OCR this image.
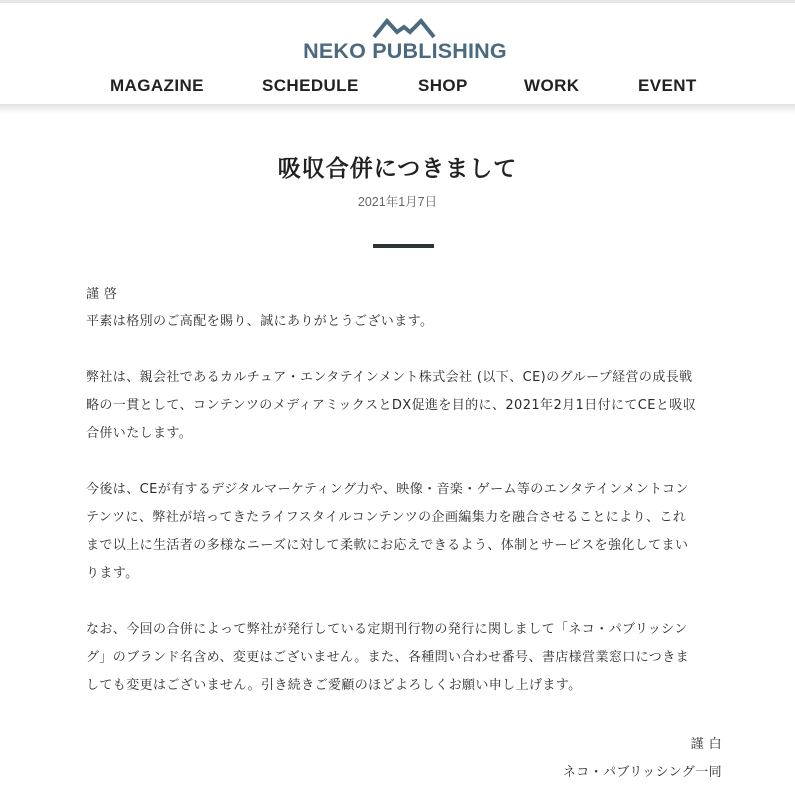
NEKO PUBLISHING
MAGAZINE	SCHEDULE	SHOP	WORK	EVENT
吸収合併につきまして
2021年1月7日

謹 啓

平素は格別のご高配を賜り、誠にありがとうございます。

弊社は、親会社であるカルチュア・エンタテインメント株式会社 (以下、CE)のグループ経営の成長戦

略の一貫として、コンテンツのメディアミックスとDX促進を目的に、2021年2月1日付にてCEと吸収

合併いたします。

今後は、CEが有するデジタルマーケティング力や、映像・音楽・ゲーム等のエンタテインメントコン

テンツに、弊社が培ってきたライフスタイルコンテンツの企画編集力を融合させることにより、これ

まで以上に生活者の多様なニーズに対して柔軟にお応えできるよう、体制とサービスを強化してまい

ります。

なお、今回の合併によって弊社が発行している定期刊行物の発行に関しまして「ネコ・パブリッシン

グ」のブランド名含め、変更はございません。また、各種問い合わせ番号、書店様営業窓口につきま

しても変更はございません。引き続きご愛顧のほどよろしくお願い申し上げます。

謹 白

ネコ・パブリッシング一同
